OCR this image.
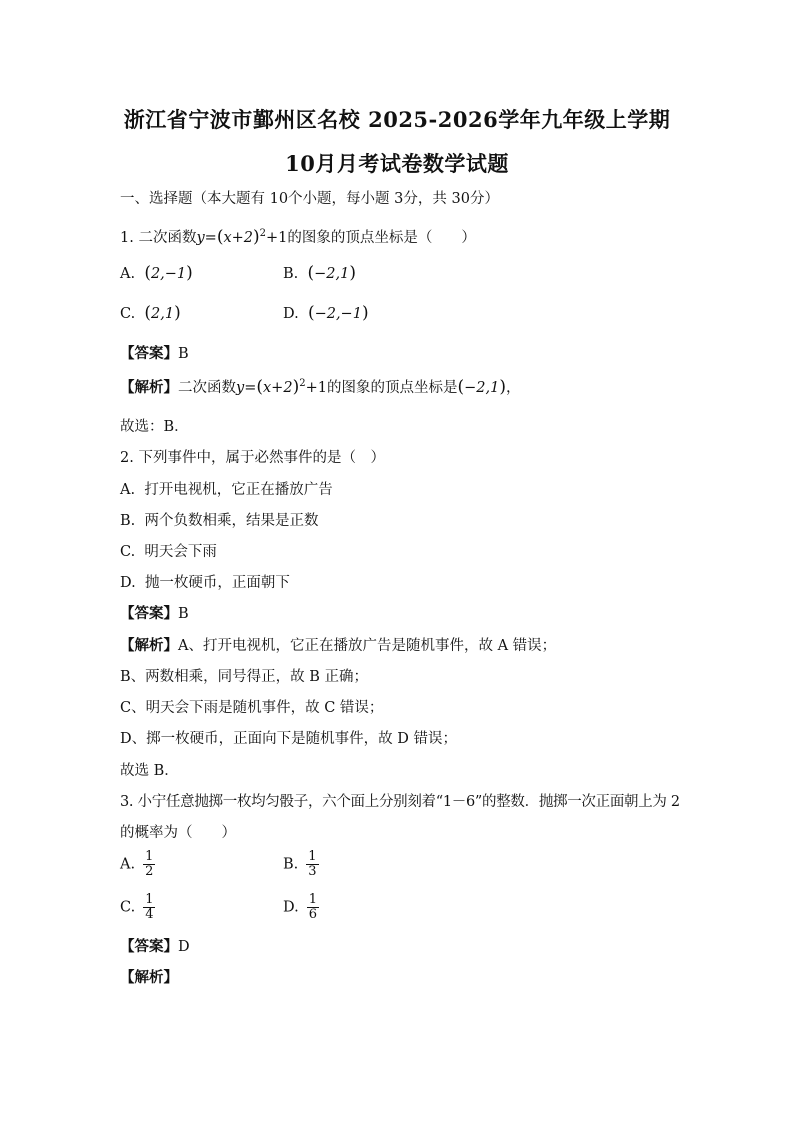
浙江省宁波市鄞州区名校 2025-2026学年九年级上学期
10月月考试卷数学试题
一、选择题（本大题有 10个小题，每小题 3分，共 30分）
1. 二次函数$y=(x+2)^2+1$的图象的顶点坐标是（　　）
A. (2,−1)	B. (−2,1)
C. (2,1)	D. (−2,−1)
【答案】B
【解析】二次函数$y=(x+2)^2+1$的图象的顶点坐标是(−2,1)，
故选：B．
2. 下列事件中，属于必然事件的是（　）
A. 打开电视机，它正在播放广告
B. 两个负数相乘，结果是正数
C. 明天会下雨
D. 抛一枚硬币，正面朝下
【答案】B
【解析】A、打开电视机，它正在播放广告是随机事件，故 A 错误；
B、两数相乘，同号得正，故 B 正确；
C、明天会下雨是随机事件，故 C 错误；
D、掷一枚硬币，正面向下是随机事件，故 D 错误；
故选 B．
3. 小宁任意抛掷一枚均匀骰子，六个面上分别刻着“1－6”的整数．抛掷一次正面朝上为 2
的概率为（　　）
A. $\frac{1}{2}$	B. $\frac{1}{3}$
C. $\frac{1}{4}$	D. $\frac{1}{6}$
【答案】D
【解析】
